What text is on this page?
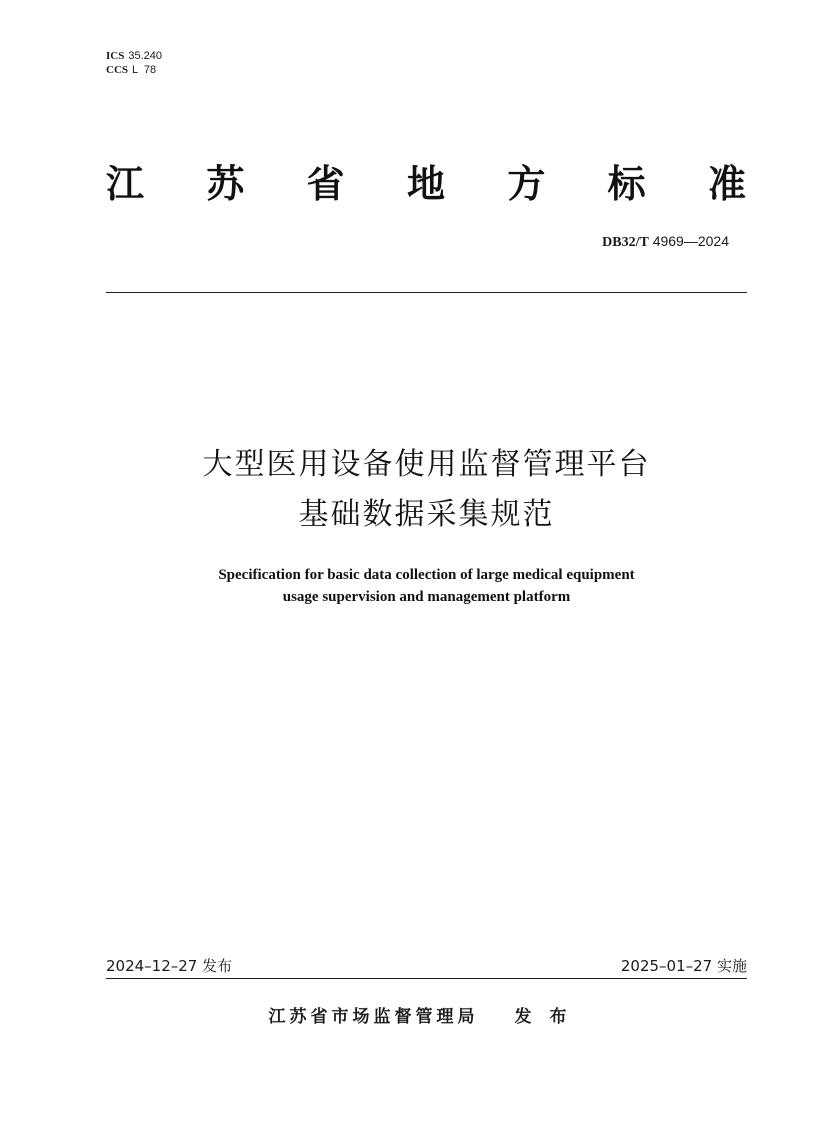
ICS 35.240
CCS L  78
江 苏 省 地 方 标 准
DB32/T 4969—2024
大型医用设备使用监督管理平台
基础数据采集规范
Specification for basic data collection of large medical equipment
usage supervision and management platform
2024–12–27 发布	2025–01–27 实施
江苏省市场监督管理局 发布
